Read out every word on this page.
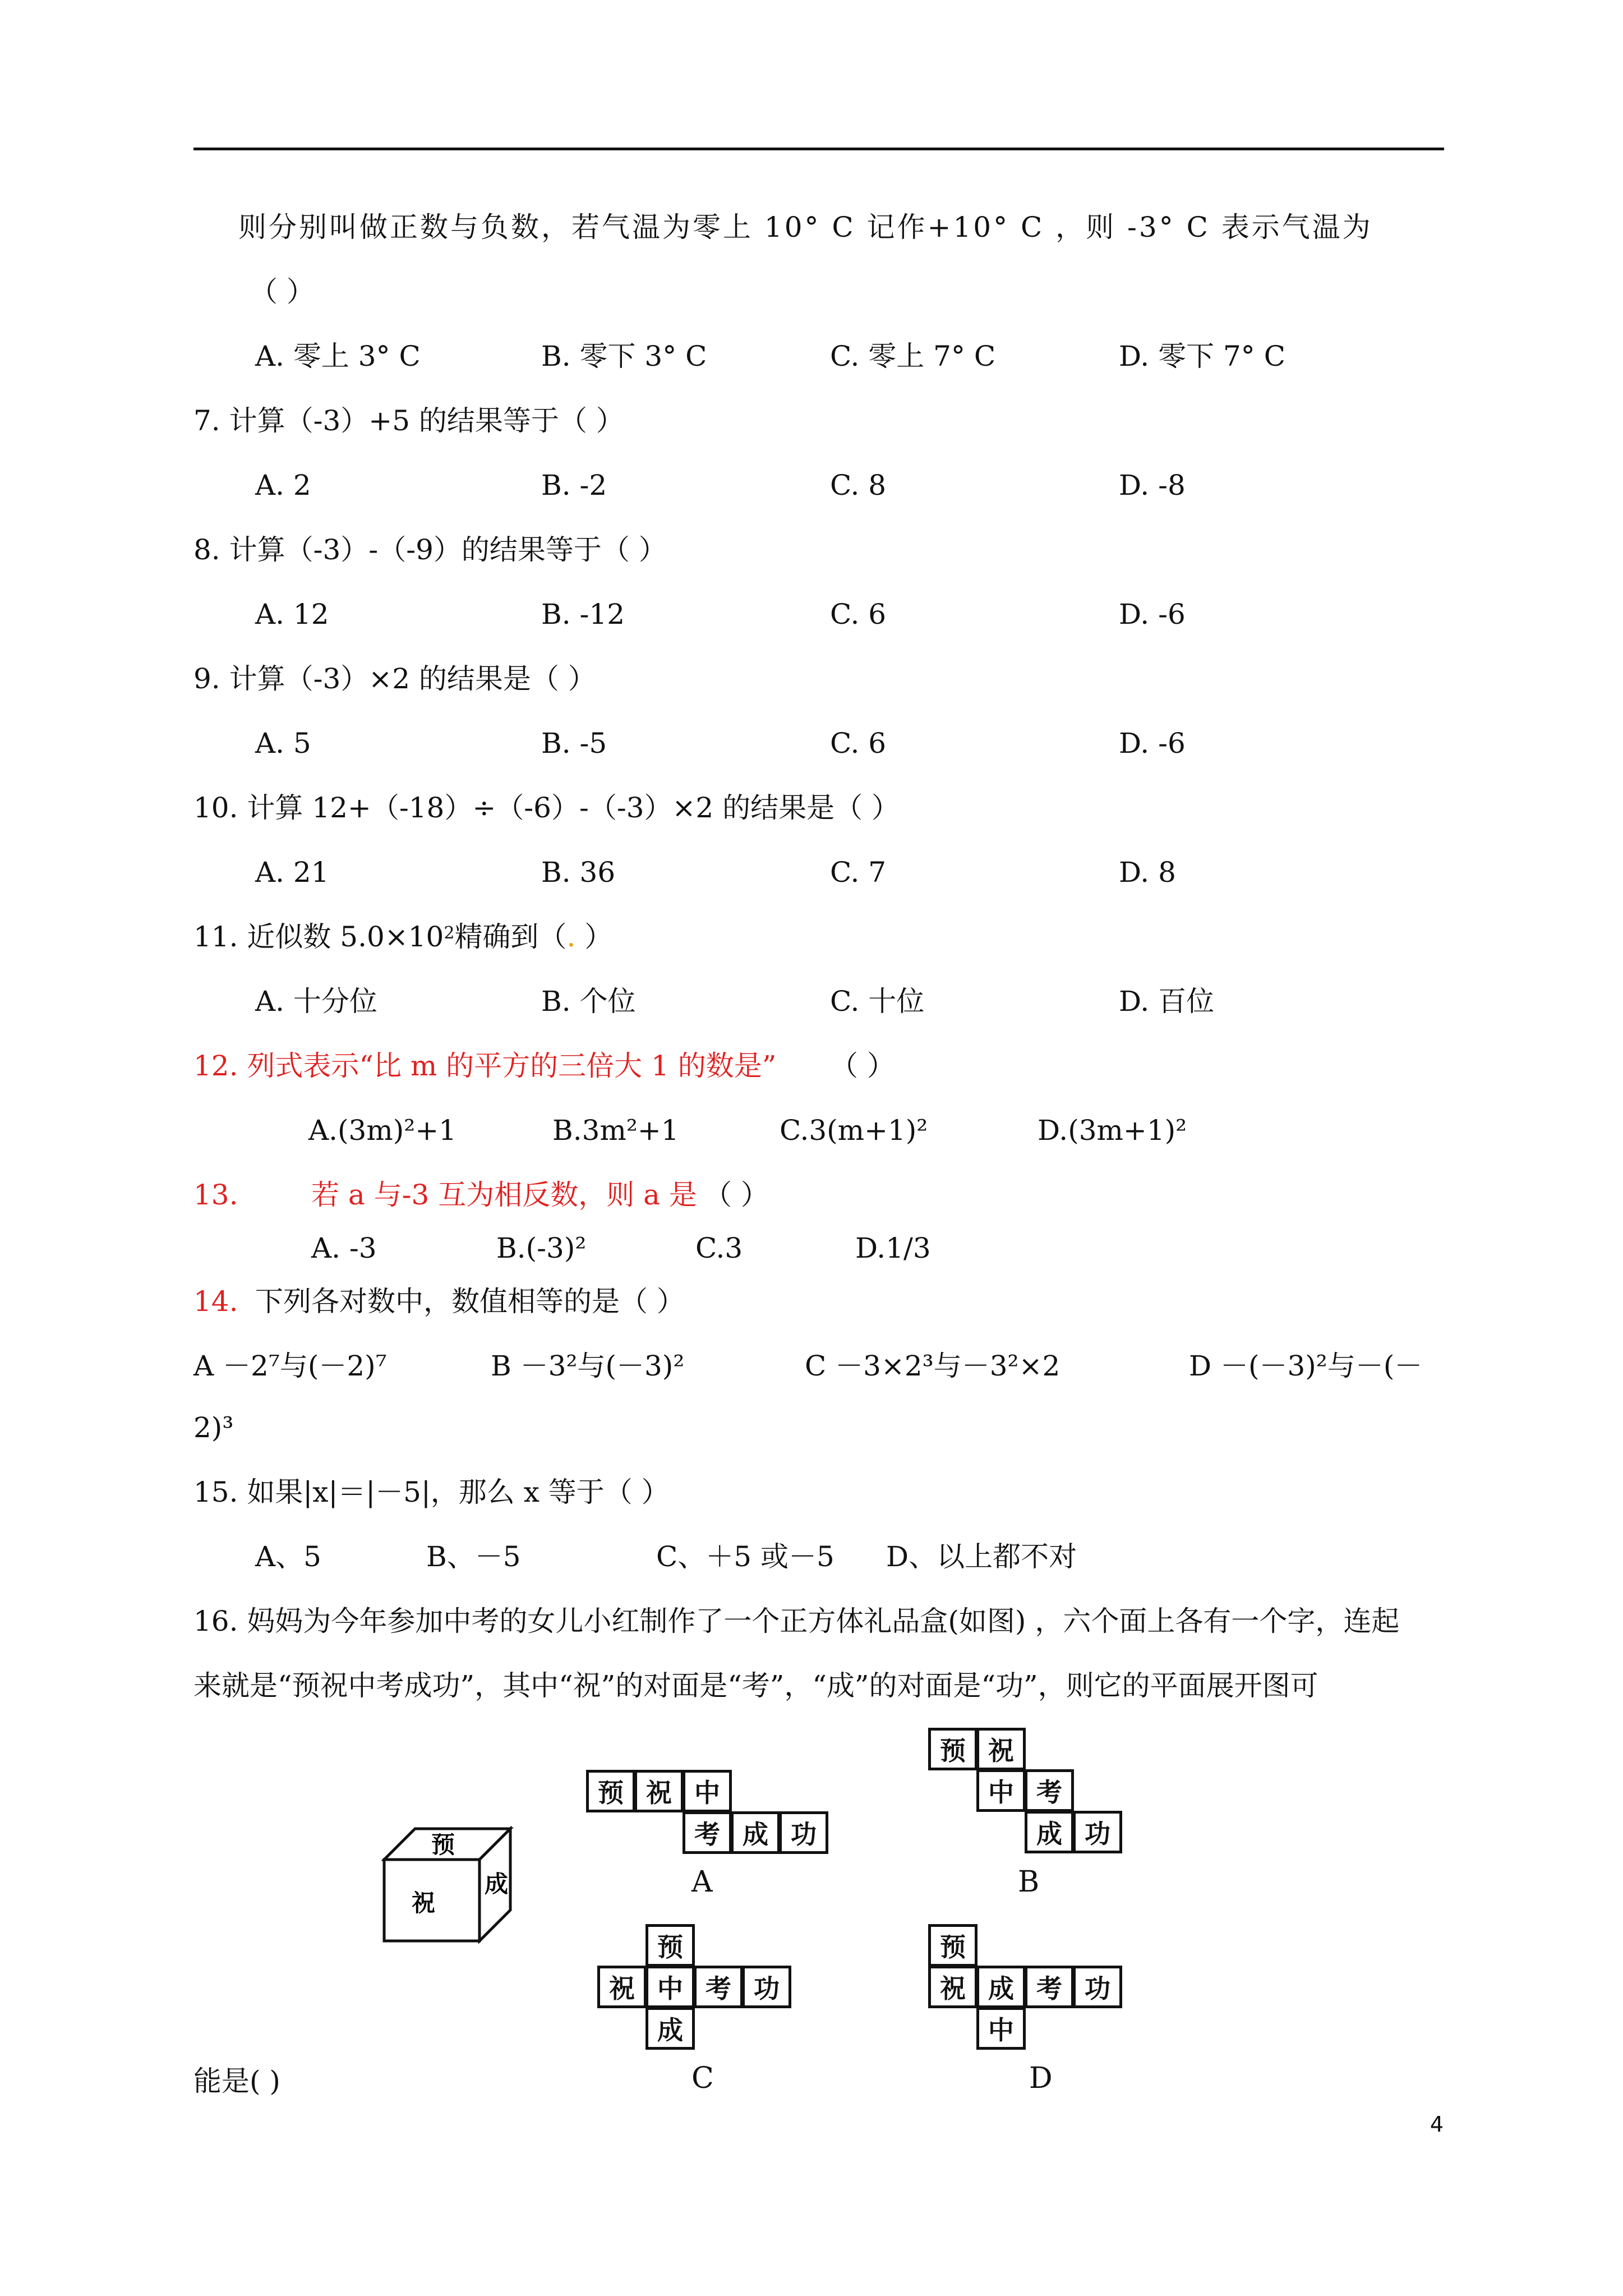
则分别叫做正数与负数，若气温为零上 10° C 记作+10° C ，则 -3° C 表示气温为
（ ）
A. 零上 3° C	B. 零下 3° C	C. 零上 7° C	D. 零下 7° C
7. 计算（-3）+5 的结果等于（ ）
A. 2	B. -2	C. 8	D. -8
8. 计算（-3）-（-9）的结果等于（ ）
A. 12	B. -12	C. 6	D. -6
9. 计算（-3）×2 的结果是（ ）
A. 5	B. -5	C. 6	D. -6
10. 计算 12+（-18）÷（-6）-（-3）×2 的结果是（ ）
A. 21	B. 36	C. 7	D. 8
11. 近似数 $5.0\times 10^2$精确到（. ）
A. 十分位	B. 个位	C. 十位	D. 百位
12. 列式表示“比 m 的平方的三倍大 1 的数是” （ ）
A.(3m)²+1	B.3m²+1	C.3(m+1)²	D.(3m+1)²
13.	若 a 与-3 互为相反数，则 a 是 （ ）
A. -3	B.(-3)²	C.3	D.1/3
14. 下列各对数中，数值相等的是（ ）
A －2⁷与(－2)⁷	B －3²与(－3)²	C －3×2³与－3²×2	D －(－3)²与－(－
2)³
15. 如果|x|＝|－5|，那么 x 等于（ ）
A、5	B、－5	C、＋5 或－5 D、以上都不对
16. 妈妈为今年参加中考的女儿小红制作了一个正方体礼品盒(如图) ，六个面上各有一个字，连起
来就是“预祝中考成功”，其中“祝”的对面是“考”，“成”的对面是“功”，则它的平面展开图可
能是( )
预
祝
成
预 祝 中
考 成 功
A
预 祝
中 考
成 功
B
预
祝 中 考 功
成
C
预
祝 成 考 功
中
D
4
